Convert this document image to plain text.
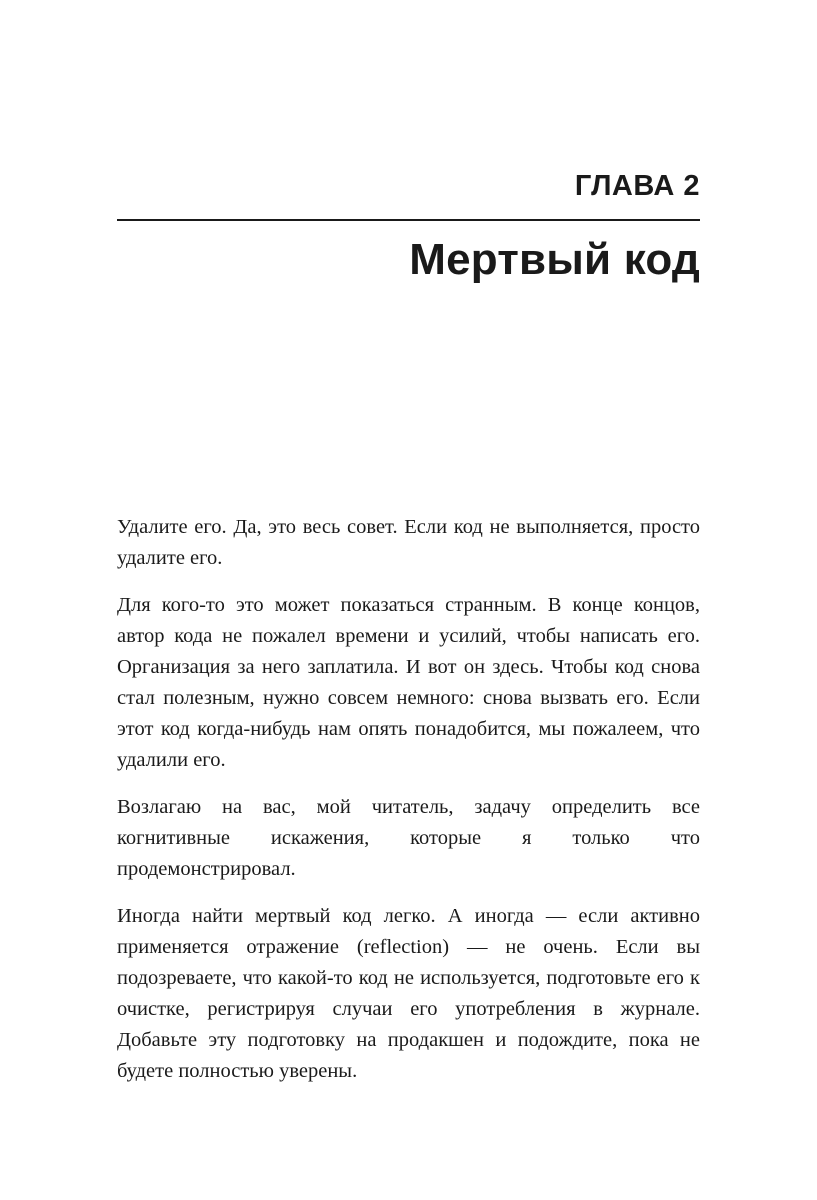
ГЛАВА 2
Мертвый код

Удалите его. Да, это весь совет. Если код не выполняется, просто удалите его.

Для кого-то это может показаться странным. В конце концов, автор кода не пожалел времени и усилий, чтобы написать его. Организация за него заплатила. И вот он здесь. Чтобы код снова стал полезным, нужно совсем немного: снова вызвать его. Если этот код когда-нибудь нам опять понадобится, мы пожалеем, что удалили его.

Возлагаю на вас, мой читатель, задачу определить все когнитивные искажения, которые я только что продемонстрировал.

Иногда найти мертвый код легко. А иногда — если активно применяется отражение (reflection) — не очень. Если вы подозреваете, что какой-то код не используется, подготовьте его к очистке, регистрируя случаи его употребления в журнале. Добавьте эту подготовку на продакшен и подождите, пока не будете полностью уверены.
